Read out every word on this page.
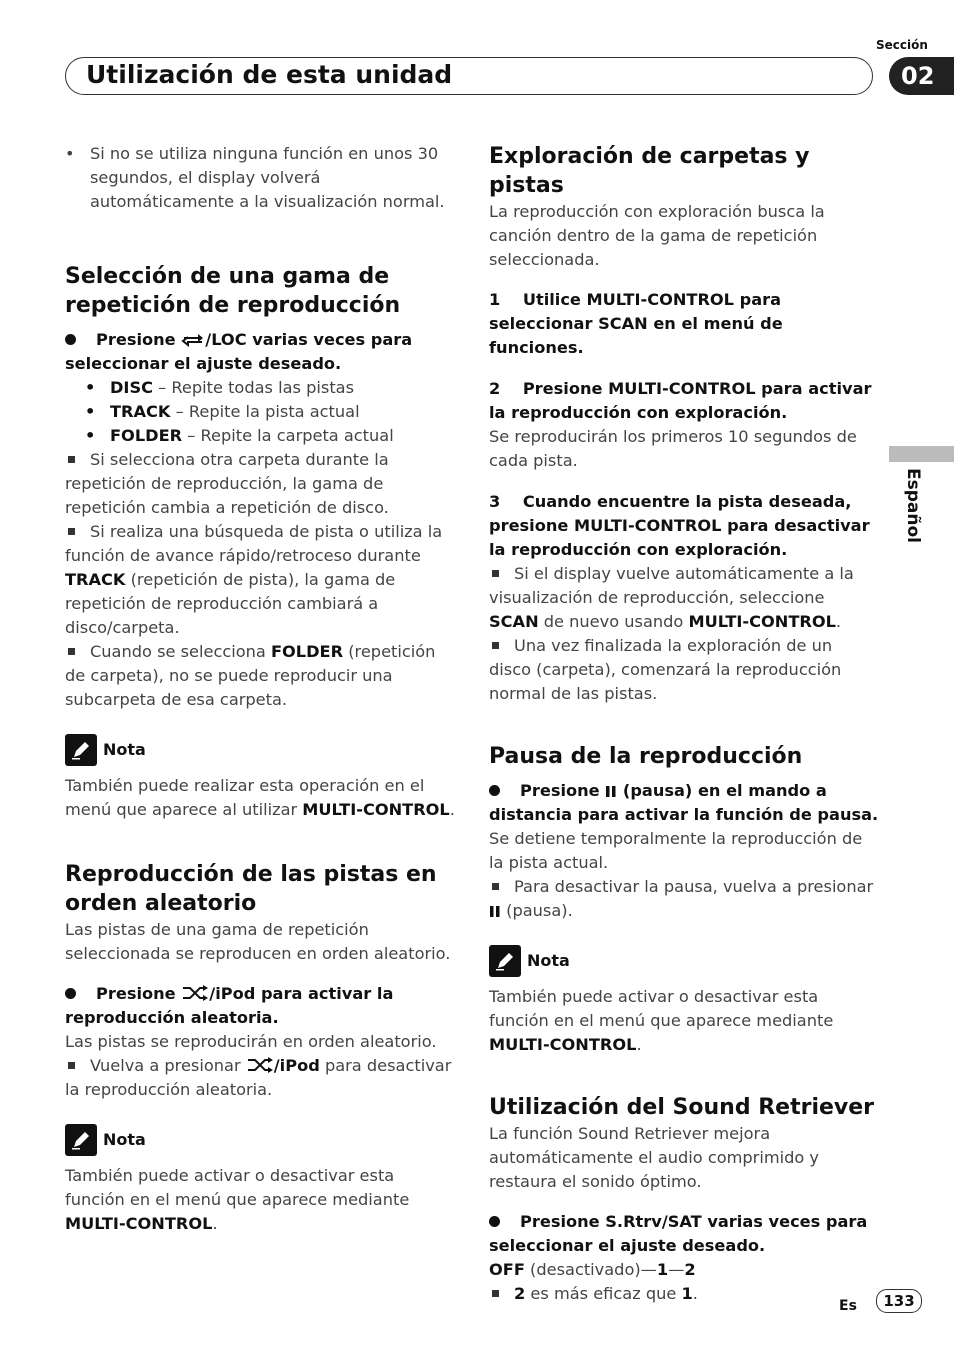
Utilización de esta unidad
Sección
02
Español

• Si no se utiliza ninguna función en unos 30 segundos, el display volverá automáticamente a la visualización normal.

Selección de una gama de repetición de reproducción

Presione /LOC varias veces para seleccionar el ajuste deseado.

• DISC – Repite todas las pistas

• TRACK – Repite la pista actual

• FOLDER – Repite la carpeta actual

Si selecciona otra carpeta durante la repetición de reproducción, la gama de repetición cambia a repetición de disco.

Si realiza una búsqueda de pista o utiliza la función de avance rápido/retroceso durante TRACK (repetición de pista), la gama de repetición de reproducción cambiará a disco/carpeta.

Cuando se selecciona FOLDER (repetición de carpeta), no se puede reproducir una subcarpeta de esa carpeta.

Nota

También puede realizar esta operación en el menú que aparece al utilizar MULTI-CONTROL.

Reproducción de las pistas en orden aleatorio

Las pistas de una gama de repetición seleccionada se reproducen en orden aleatorio.

Presione /iPod para activar la reproducción aleatoria.

Las pistas se reproducirán en orden aleatorio.

Vuelva a presionar /iPod para desactivar la reproducción aleatoria.

Nota

También puede activar o desactivar esta función en el menú que aparece mediante
MULTI-CONTROL.

Exploración de carpetas y pistas

La reproducción con exploración busca la canción dentro de la gama de repetición seleccionada.

1 Utilice MULTI-CONTROL para seleccionar SCAN en el menú de funciones.

2 Presione MULTI-CONTROL para activar la reproducción con exploración.

Se reproducirán los primeros 10 segundos de cada pista.

3 Cuando encuentre la pista deseada, presione MULTI-CONTROL para desactivar la reproducción con exploración.

Si el display vuelve automáticamente a la visualización de reproducción, seleccione SCAN de nuevo usando MULTI-CONTROL.

Una vez finalizada la exploración de un disco (carpeta), comenzará la reproducción normal de las pistas.

Pausa de la reproducción

Presione  (pausa) en el mando a distancia para activar la función de pausa.

Se detiene temporalmente la reproducción de la pista actual.

Para desactivar la pausa, vuelva a presionar  (pausa).

Nota

También puede activar o desactivar esta función en el menú que aparece mediante
MULTI-CONTROL.

Utilización del Sound Retriever

La función Sound Retriever mejora automáticamente el audio comprimido y restaura el sonido óptimo.

Presione S.Rtrv/SAT varias veces para seleccionar el ajuste deseado.

OFF (desactivado)—1—2

2 es más eficaz que 1.

Es	133
